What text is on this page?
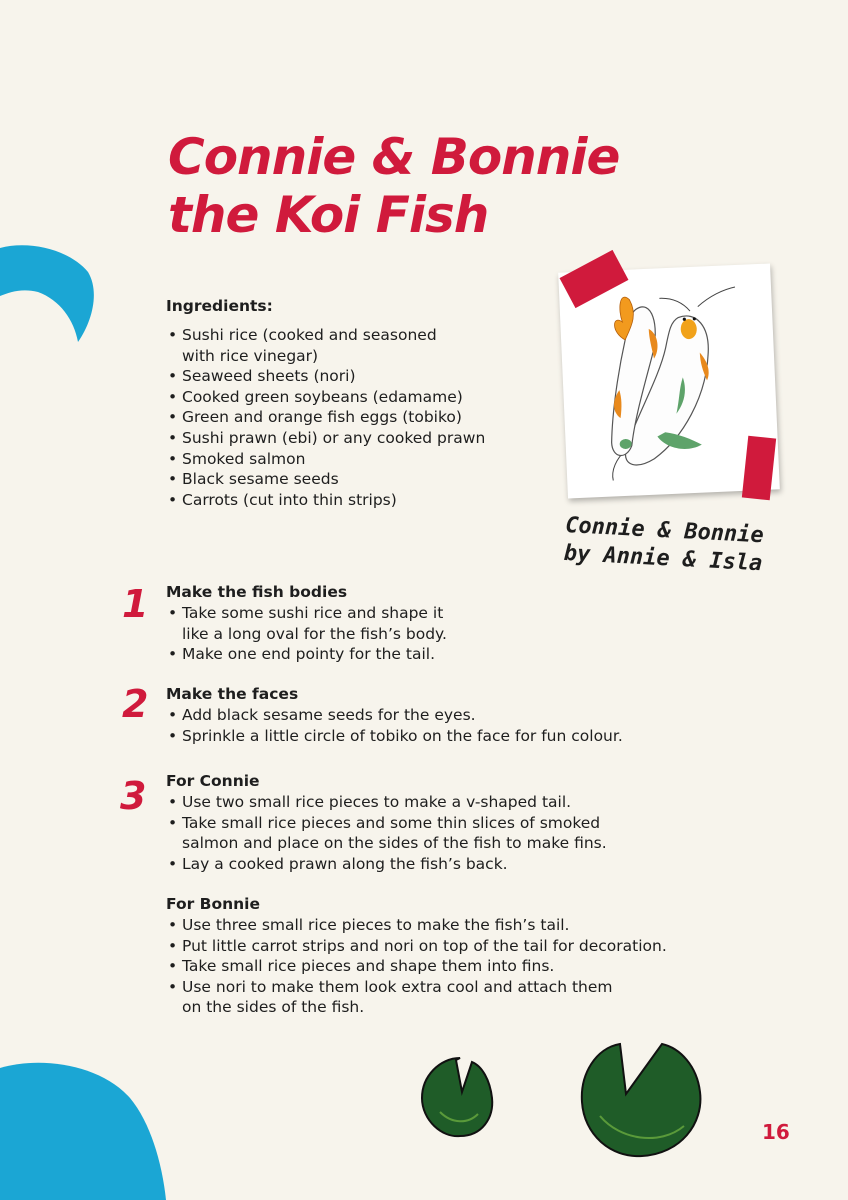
Connie & Bonnie
the Koi Fish

Ingredients:

• Sushi rice (cooked and seasoned
with rice vinegar)
• Seaweed sheets (nori)
• Cooked green soybeans (edamame)
• Green and orange fish eggs (tobiko)
• Sushi prawn (ebi) or any cooked prawn
• Smoked salmon
• Black sesame seeds
• Carrots (cut into thin strips)
Connie & Bonnie
by Annie & Isla
1 Make the fish bodies

• Take some sushi rice and shape it
like a long oval for the fish’s body.
• Make one end pointy for the tail.
2 Make the faces

• Add black sesame seeds for the eyes.
• Sprinkle a little circle of tobiko on the face for fun colour.
3 For Connie

• Use two small rice pieces to make a v-shaped tail.
• Take small rice pieces and some thin slices of smoked
salmon and place on the sides of the fish to make fins.
• Lay a cooked prawn along the fish’s back.

For Bonnie

• Use three small rice pieces to make the fish’s tail.
• Put little carrot strips and nori on top of the tail for decoration.
• Take small rice pieces and shape them into fins.
• Use nori to make them look extra cool and attach them
on the sides of the fish.
16
